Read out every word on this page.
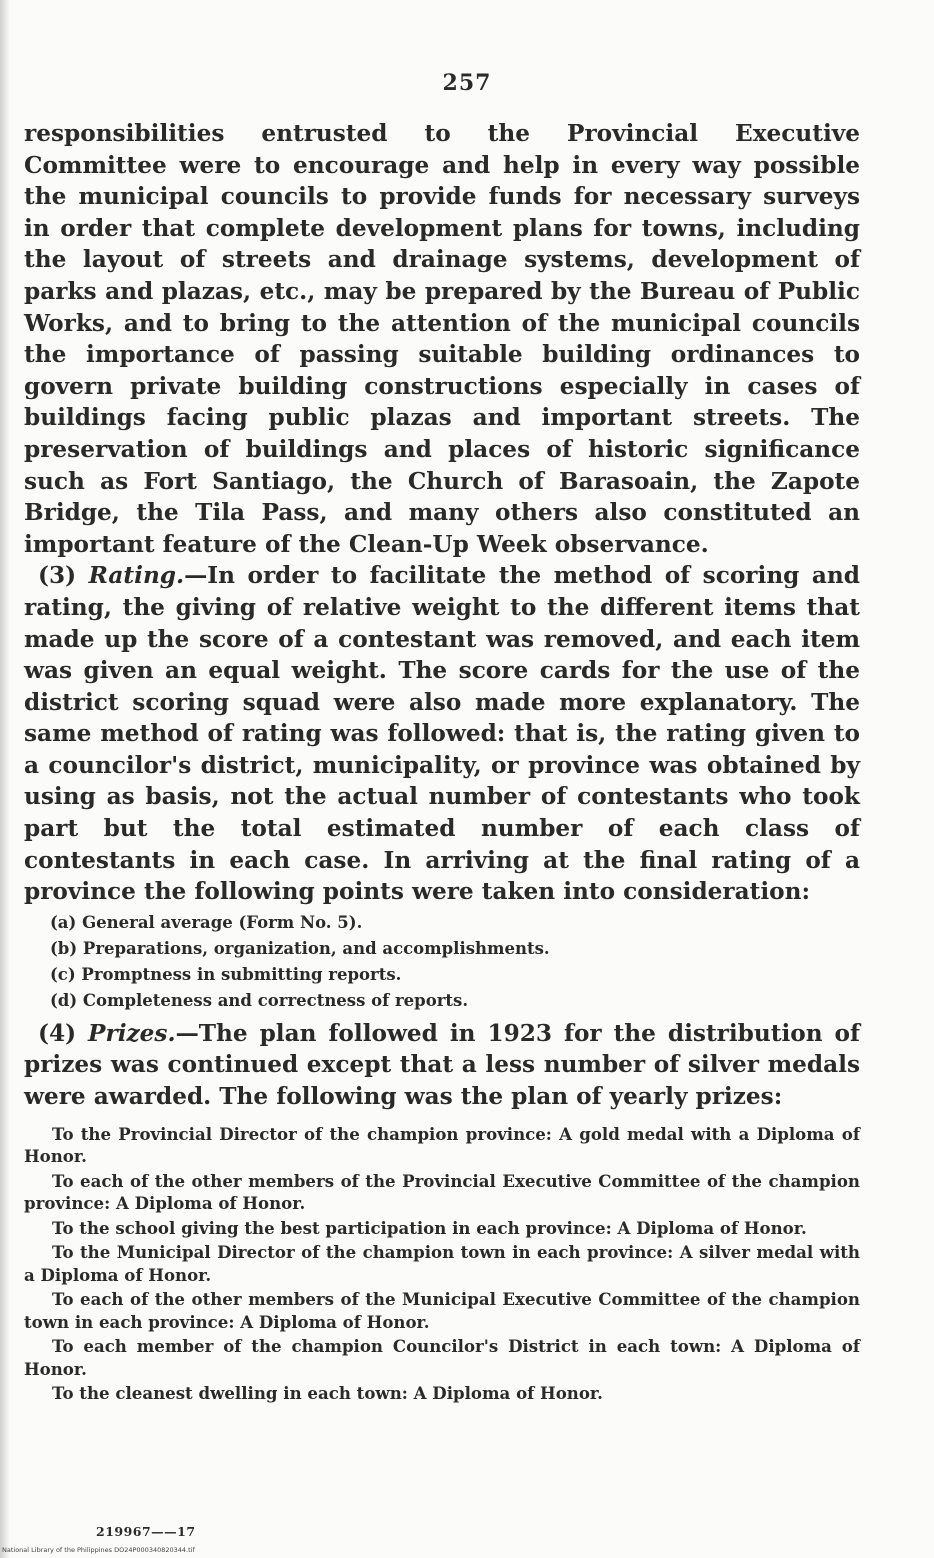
257

responsibilities entrusted to the Provincial Executive Committee were to encourage and help in every way possible the municipal councils to provide funds for necessary surveys in order that complete development plans for towns, including the layout of streets and drainage systems, development of parks and plazas, etc., may be prepared by the Bureau of Public Works, and to bring to the attention of the municipal councils the importance of passing suitable building ordinances to govern private building constructions especially in cases of buildings facing public plazas and important streets. The preservation of buildings and places of historic significance such as Fort Santiago, the Church of Barasoain, the Zapote Bridge, the Tila Pass, and many others also constituted an important feature of the Clean-Up Week observance.

(3) Rating.—In order to facilitate the method of scoring and rating, the giving of relative weight to the different items that made up the score of a contestant was removed, and each item was given an equal weight. The score cards for the use of the district scoring squad were also made more explanatory. The same method of rating was followed: that is, the rating given to a councilor's district, municipality, or province was obtained by using as basis, not the actual number of contestants who took part but the total estimated number of each class of contestants in each case. In arriving at the final rating of a province the following points were taken into consideration:

(a) General average (Form No. 5).
(b) Preparations, organization, and accomplishments.
(c) Promptness in submitting reports.
(d) Completeness and correctness of reports.

(4) Prizes.—The plan followed in 1923 for the distribution of prizes was continued except that a less number of silver medals were awarded. The following was the plan of yearly prizes:

To the Provincial Director of the champion province: A gold medal with a Diploma of Honor.
To each of the other members of the Provincial Executive Committee of the champion province: A Diploma of Honor.
To the school giving the best participation in each province: A Diploma of Honor.
To the Municipal Director of the champion town in each province: A silver medal with a Diploma of Honor.
To each of the other members of the Municipal Executive Committee of the champion town in each province: A Diploma of Honor.
To each member of the champion Councilor's District in each town: A Diploma of Honor.
To the cleanest dwelling in each town: A Diploma of Honor.
219967——17
National Library of the Philippines DO24P000340820344.tif
